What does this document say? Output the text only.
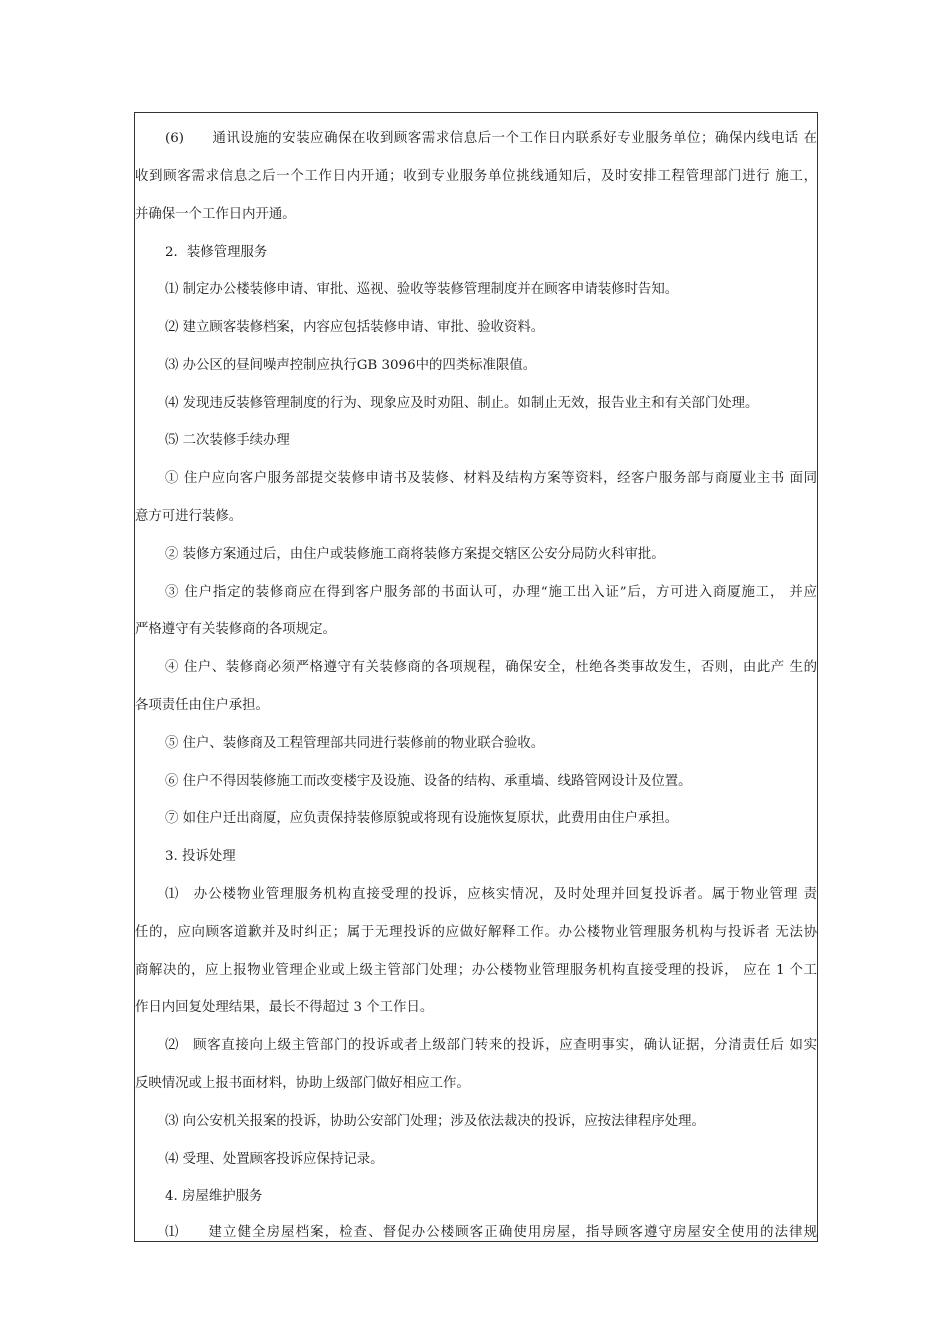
(6)　　通讯设施的安装应确保在收到顾客需求信息后一个工作日内联系好专业服务单位；确保内线电话 在
收到顾客需求信息之后一个工作日内开通；收到专业服务单位挑线通知后，及时安排工程管理部门进行 施工，
并确保一个工作日内开通。
2．装修管理服务
⑴ 制定办公楼装修申请、审批、巡视、验收等装修管理制度并在顾客申请装修时告知。
⑵ 建立顾客装修档案，内容应包括装修申请、审批、验收资料。
⑶ 办公区的昼间噪声控制应执行GB 3096中的四类标准限值。
⑷ 发现违反装修管理制度的行为、现象应及时劝阻、制止。如制止无效，报告业主和有关部门处理。
⑸ 二次装修手续办理
① 住户应向客户服务部提交装修申请书及装修、材料及结构方案等资料，经客户服务部与商厦业主书 面同
意方可进行装修。
② 装修方案通过后，由住户或装修施工商将装修方案提交辖区公安分局防火科审批。
③ 住户指定的装修商应在得到客户服务部的书面认可，办理“施工出入证”后，方可进入商厦施工， 并应
严格遵守有关装修商的各项规定。
④ 住户、装修商必须严格遵守有关装修商的各项规程，确保安全，杜绝各类事故发生，否则，由此产 生的
各项责任由住户承担。
⑤ 住户、装修商及工程管理部共同进行装修前的物业联合验收。
⑥ 住户不得因装修施工而改变楼宇及设施、设备的结构、承重墙、线路管网设计及位置。
⑦ 如住户迁出商厦，应负责保持装修原貌或将现有设施恢复原状，此费用由住户承担。
3. 投诉处理
⑴　办公楼物业管理服务机构直接受理的投诉，应核实情况，及时处理并回复投诉者。属于物业管理 责
任的，应向顾客道歉并及时纠正；属于无理投诉的应做好解释工作。办公楼物业管理服务机构与投诉者 无法协
商解决的，应上报物业管理企业或上级主管部门处理；办公楼物业管理服务机构直接受理的投诉， 应在 1 个工
作日内回复处理结果，最长不得超过 3 个工作日。
⑵　顾客直接向上级主管部门的投诉或者上级部门转来的投诉，应查明事实，确认证据，分清责任后 如实
反映情况或上报书面材料，协助上级部门做好相应工作。
⑶ 向公安机关报案的投诉，协助公安部门处理；涉及依法裁决的投诉，应按法律程序处理。
⑷ 受理、处置顾客投诉应保持记录。
4. 房屋维护服务
⑴　　建立健全房屋档案，检查、督促办公楼顾客正确使用房屋，指导顾客遵守房屋安全使用的法律规
